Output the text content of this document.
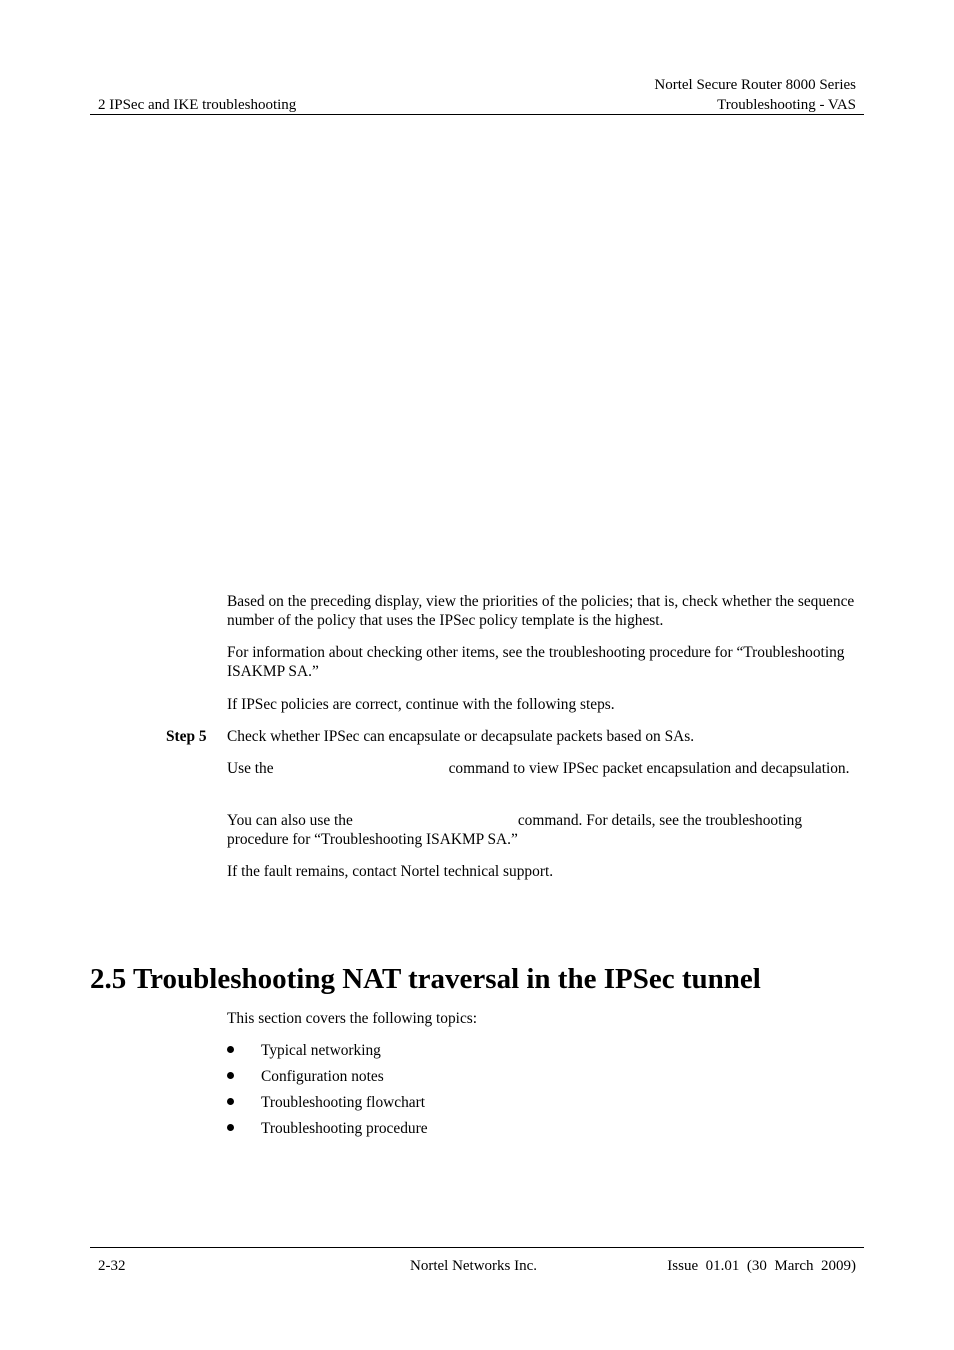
2 IPSec and IKE troubleshooting
Nortel Secure Router 8000 Series
Troubleshooting - VAS
Based on the preceding display, view the priorities of the policies; that is, check whether the sequence number of the policy that uses the IPSec policy template is the highest.
For information about checking other items, see the troubleshooting procedure for “Troubleshooting ISAKMP SA.”
If IPSec policies are correct, continue with the following steps.
Step 5 Check whether IPSec can encapsulate or decapsulate packets based on SAs.
Use the	command to view IPSec packet encapsulation and decapsulation.
You can also use the	command. For details, see the troubleshooting procedure for “Troubleshooting ISAKMP SA.”
If the fault remains, contact Nortel technical support.
2.5 Troubleshooting NAT traversal in the IPSec tunnel
This section covers the following topics:
Typical networking
Configuration notes
Troubleshooting flowchart
Troubleshooting procedure
2-32	Nortel Networks Inc.	Issue  01.01  (30  March  2009)
